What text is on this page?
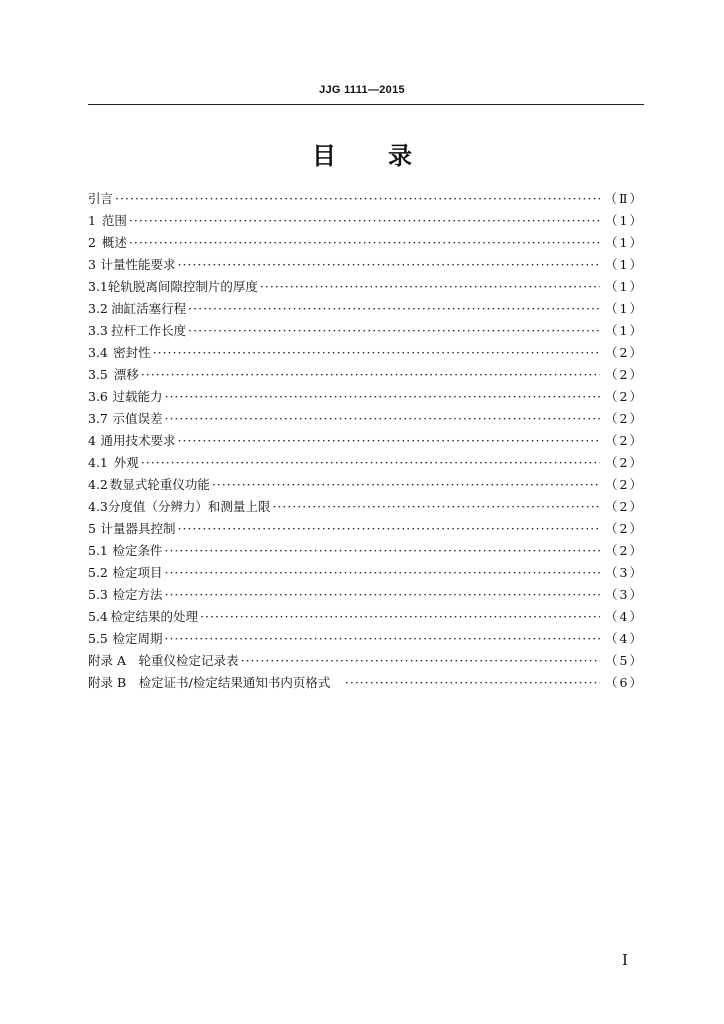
JJG 1111—2015
目 录
引言 ·····	（Ⅱ）
1 范围 ·····	（1）
2 概述 ·····	（1）
3 计量性能要求 ·····	（1）
3.1 轮轨脱离间隙控制片的厚度 ·····	（1）
3.2 油缸活塞行程 ·····	（1）
3.3 拉杆工作长度 ·····	（1）
3.4 密封性 ·····	（2）
3.5 漂移 ·····	（2）
3.6 过载能力 ·····	（2）
3.7 示值误差 ·····	（2）
4 通用技术要求 ·····	（2）
4.1 外观 ·····	（2）
4.2 数显式轮重仪功能 ·····	（2）
4.3 分度值（分辨力）和测量上限 ·····	（2）
5 计量器具控制 ·····	（2）
5.1 检定条件 ·····	（2）
5.2 检定项目 ·····	（3）
5.3 检定方法 ·····	（3）
5.4 检定结果的处理 ·····	（4）
5.5 检定周期 ·····	（4）
附录 A　轮重仪检定记录表 ·····	（5）
附录 B　检定证书/检定结果通知书内页格式　 ·····	（6）
I
